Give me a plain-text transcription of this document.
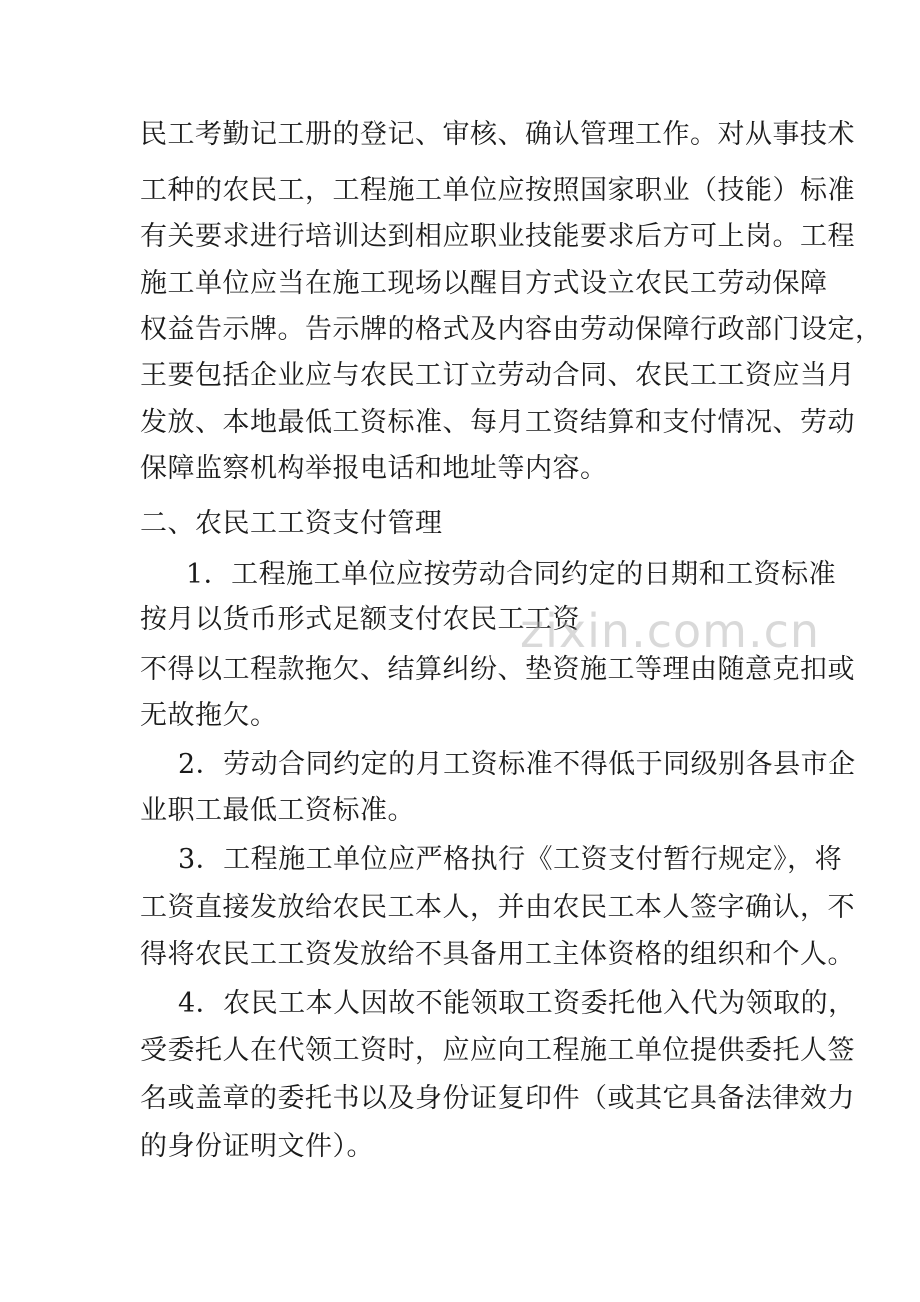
民工考勤记工册的登记、审核、确认管理工作。对从事技术
工种的农民工，工程施工单位应按照国家职业（技能）标准
有关要求进行培训达到相应职业技能要求后方可上岗。工程
施工单位应当在施工现场以醒目方式设立农民工劳动保障
权益告示牌。告示牌的格式及内容由劳动保障行政部门设定，
王要包括企业应与农民工订立劳动合同、农民工工资应当月
发放、本地最低工资标准、每月工资结算和支付情况、劳动
保障监察机构举报电话和地址等内容。
二、农民工工资支付管理
1．工程施工单位应按劳动合同约定的日期和工资标准
按月以货币形式足额支付农民工工资
不得以工程款拖欠、结算纠纷、垫资施工等理由随意克扣或
无故拖欠。
2．劳动合同约定的月工资标准不得低于同级别各县市企
业职工最低工资标准。
3．工程施工单位应严格执行《工资支付暂行规定》，将
工资直接发放给农民工本人，并由农民工本人签字确认，不
得将农民工工资发放给不具备用工主体资格的组织和个人。
4．农民工本人因故不能领取工资委托他入代为领取的，
受委托人在代领工资时，应应向工程施工单位提供委托人签
名或盖章的委托书以及身份证复印件（或其它具备法律效力
的身份证明文件）。
zixin.com.cn
